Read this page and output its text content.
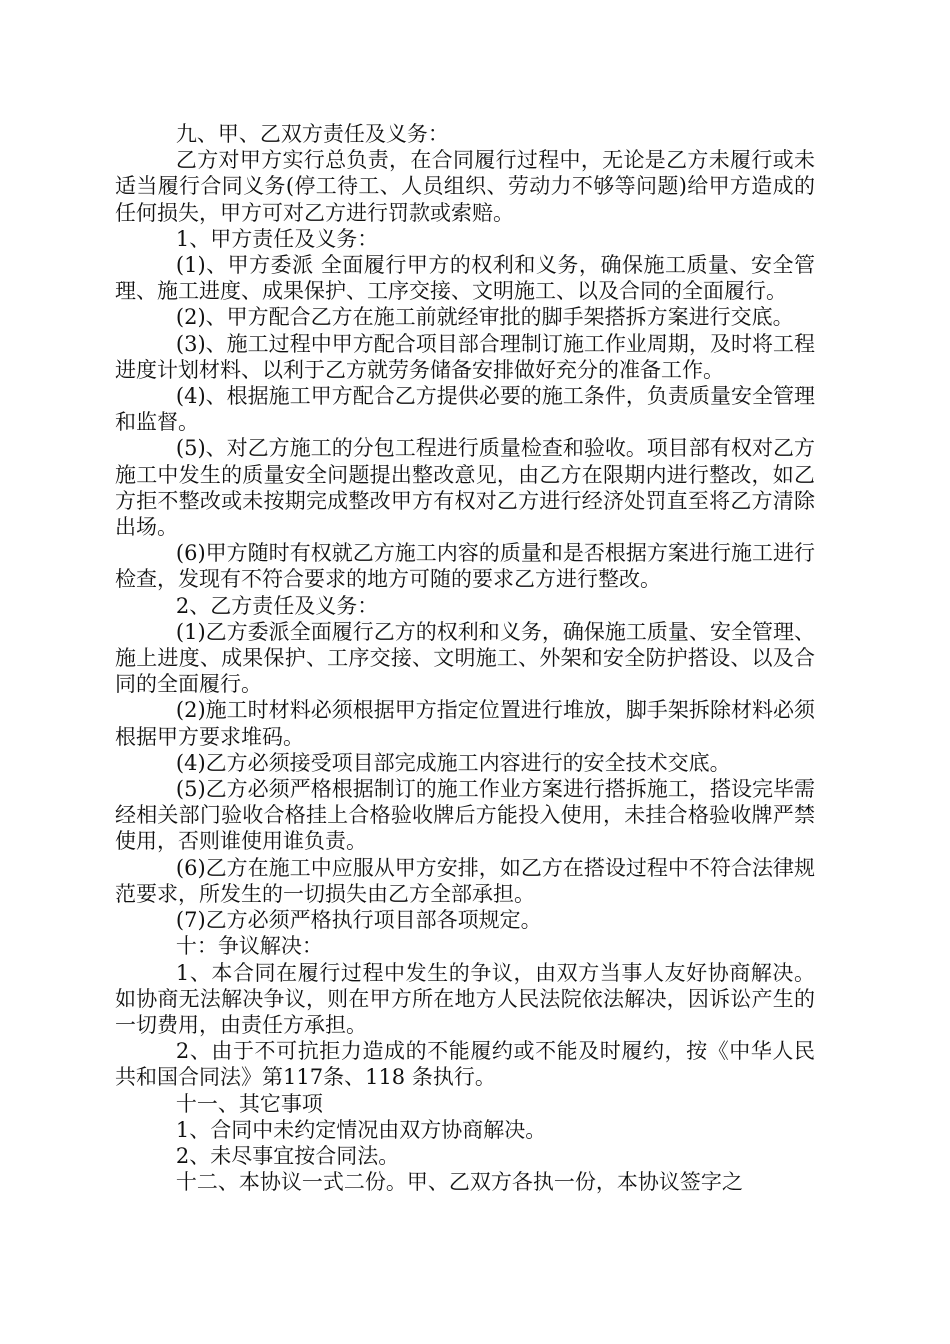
九、甲、乙双方责任及义务：

乙方对甲方实行总负责，在合同履行过程中，无论是乙方未履行或未适当履行合同义务(停工待工、人员组织、劳动力不够等问题)给甲方造成的任何损失，甲方可对乙方进行罚款或索赔。

1、甲方责任及义务：

(1)、甲方委派 全面履行甲方的权利和义务，确保施工质量、安全管理、施工进度、成果保护、工序交接、文明施工、以及合同的全面履行。

(2)、甲方配合乙方在施工前就经审批的脚手架搭拆方案进行交底。

(3)、施工过程中甲方配合项目部合理制订施工作业周期，及时将工程进度计划材料、以利于乙方就劳务储备安排做好充分的准备工作。

(4)、根据施工甲方配合乙方提供必要的施工条件，负责质量安全管理和监督。

(5)、对乙方施工的分包工程进行质量检查和验收。项目部有权对乙方施工中发生的质量安全问题提出整改意见，由乙方在限期内进行整改，如乙方拒不整改或未按期完成整改甲方有权对乙方进行经济处罚直至将乙方清除出场。

(6)甲方随时有权就乙方施工内容的质量和是否根据方案进行施工进行检查，发现有不符合要求的地方可随的要求乙方进行整改。

2、乙方责任及义务：

(1)乙方委派全面履行乙方的权利和义务，确保施工质量、安全管理、施上进度、成果保护、工序交接、文明施工、外架和安全防护搭设、以及合同的全面履行。

(2)施工时材料必须根据甲方指定位置进行堆放，脚手架拆除材料必须根据甲方要求堆码。

(4)乙方必须接受项目部完成施工内容进行的安全技术交底。

(5)乙方必须严格根据制订的施工作业方案进行搭拆施工，搭设完毕需经相关部门验收合格挂上合格验收牌后方能投入使用，未挂合格验收牌严禁使用，否则谁使用谁负责。

(6)乙方在施工中应服从甲方安排，如乙方在搭设过程中不符合法律规范要求，所发生的一切损失由乙方全部承担。

(7)乙方必须严格执行项目部各项规定。

十：争议解决：

1、本合同在履行过程中发生的争议，由双方当事人友好协商解决。如协商无法解决争议，则在甲方所在地方人民法院依法解决，因诉讼产生的一切费用，由责任方承担。

2、由于不可抗拒力造成的不能履约或不能及时履约，按《中华人民共和国合同法》第117条、118 条执行。

十一、其它事项

1、合同中未约定情况由双方协商解决。

2、未尽事宜按合同法。

十二、本协议一式二份。甲、乙双方各执一份，本协议签字之
